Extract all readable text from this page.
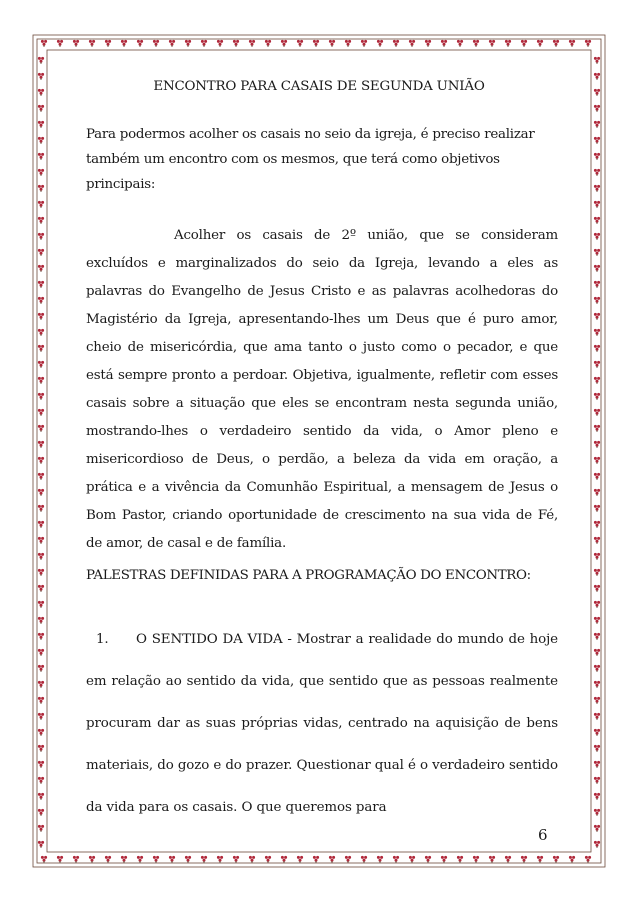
ENCONTRO PARA CASAIS DE SEGUNDA UNIÃO

Para podermos acolher os casais no seio da igreja, é preciso realizar também um encontro com os mesmos, que terá como objetivos principais:

Acolher os casais de 2º união, que se consideram excluídos e marginalizados do seio da Igreja, levando a eles as palavras do Evangelho de Jesus Cristo e as palavras acolhedoras do Magistério da Igreja, apresentando-lhes um Deus que é puro amor, cheio de misericórdia, que ama tanto o justo como o pecador, e que está sempre pronto a perdoar. Objetiva, igualmente, refletir com esses casais sobre a situação que eles se encontram nesta segunda união, mostrando-lhes o verdadeiro sentido da vida, o Amor pleno e misericordioso de Deus, o perdão, a beleza da vida em oração, a prática e a vivência da Comunhão Espiritual, a mensagem de Jesus o Bom Pastor, criando oportunidade de crescimento na sua vida de Fé, de amor, de casal e de família.

PALESTRAS DEFINIDAS PARA A PROGRAMAÇÃO DO ENCONTRO:

1. O SENTIDO DA VIDA - Mostrar a realidade do mundo de hoje em relação ao sentido da vida, que sentido que as pessoas realmente procuram dar as suas próprias vidas, centrado na aquisição de bens materiais, do gozo e do prazer. Questionar qual é o verdadeiro sentido da vida para os casais. O que queremos para

6
